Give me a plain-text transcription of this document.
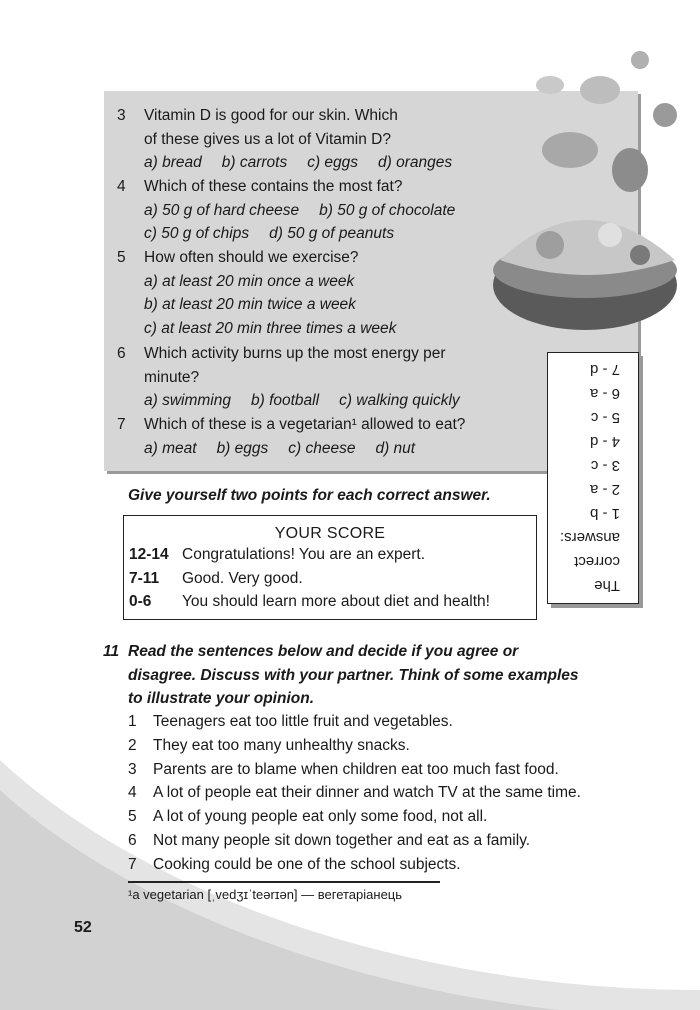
3 Vitamin D is good for our skin. Which
of these gives us a lot of Vitamin D?
a) bread b) carrots c) eggs d) oranges
4 Which of these contains the most fat?
a) 50 g of hard cheese b) 50 g of chocolate
c) 50 g of chips d) 50 g of peanuts
5 How often should we exercise?
a) at least 20 min once a week
b) at least 20 min twice a week
c) at least 20 min three times a week
6 Which activity burns up the most energy per
minute?
a) swimming b) football c) walking quickly
7 Which of these is a vegetarian¹ allowed to eat?
a) meat b) eggs c) cheese d) nut
The
correct
answers:
1 - b
2 - a
3 - c
4 - d
5 - c
6 - a
7 - d
Give yourself two points for each correct answer.
YOUR SCORE
12-14 Congratulations! You are an expert.
7-11 Good. Very good.
0-6 You should learn more about diet and health!
11 Read the sentences below and decide if you agree or
disagree. Discuss with your partner. Think of some examples
to illustrate your opinion.
1 Teenagers eat too little fruit and vegetables.
2 They eat too many unhealthy snacks.
3 Parents are to blame when children eat too much fast food.
4 A lot of people eat their dinner and watch TV at the same time.
5 A lot of young people eat only some food, not all.
6 Not many people sit down together and eat as a family.
7 Cooking could be one of the school subjects.
¹a vegetarian [ˌvedʒɪˈteərɪən] — вегетаріанець
52
